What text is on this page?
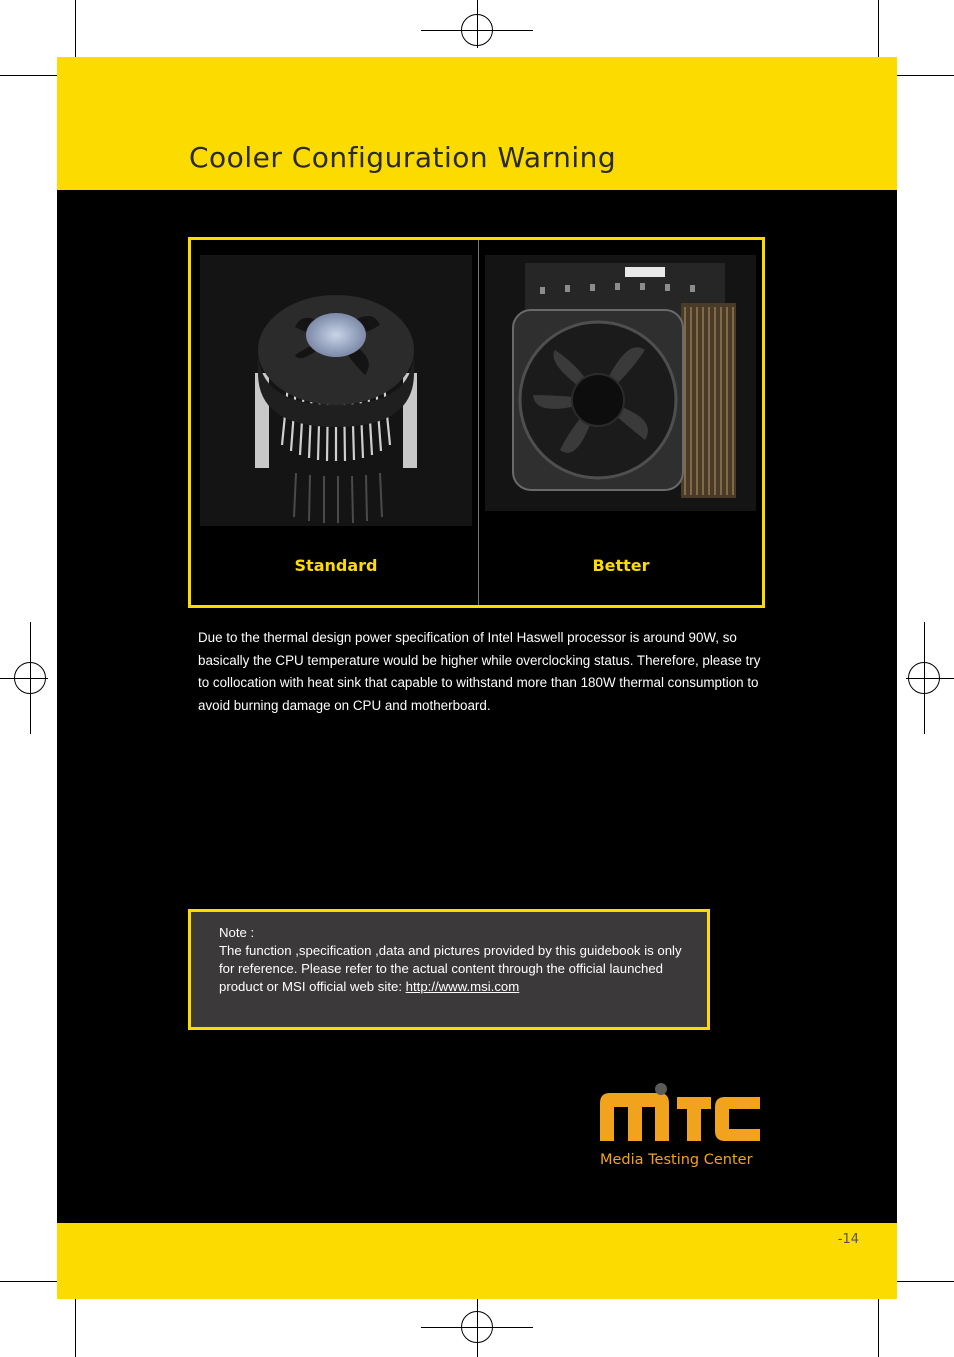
Cooler Configuration Warning
Standard	Better

Due to the thermal design power specification of Intel Haswell processor is around 90W, so basically the CPU temperature would be higher while overclocking status. Therefore, please try to collocation with heat sink that capable to withstand more than 180W thermal consumption to avoid burning damage on CPU and motherboard.

Note :

The function ,specification ,data and pictures provided by this guidebook is only for reference. Please refer to the actual content through the official launched product or MSI official web site: http://www.msi.com

Media Testing Center
-14
